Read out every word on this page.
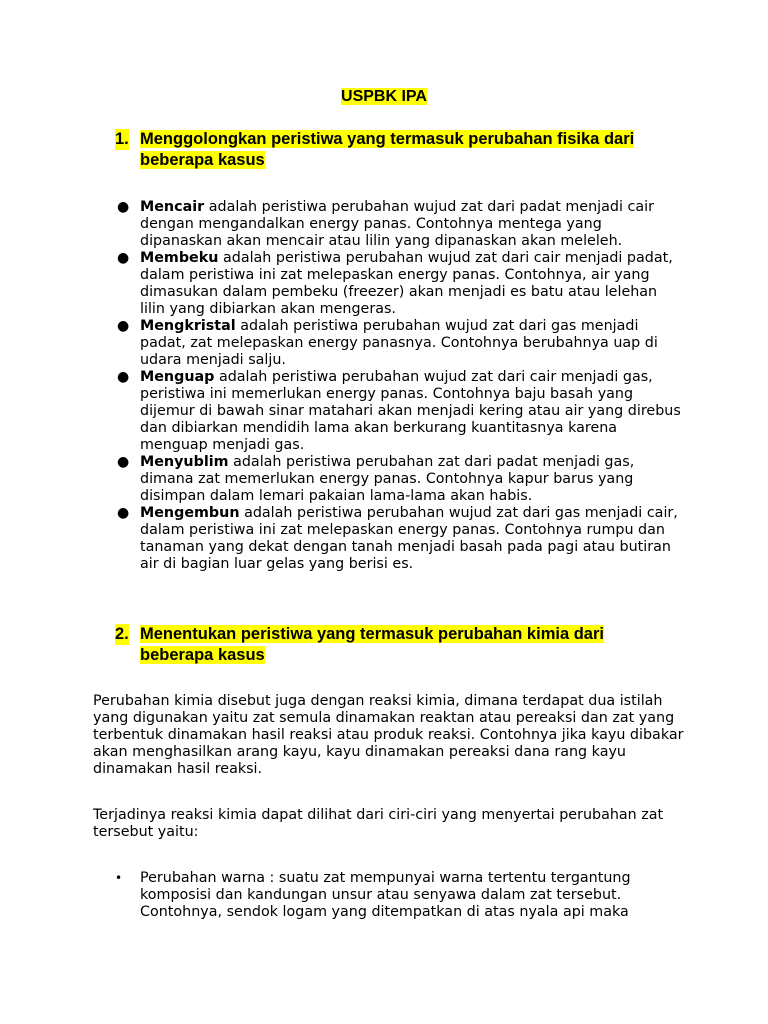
USPBK IPA
1. Menggolongkan peristiwa yang termasuk perubahan fisika dari beberapa kasus
● Mencair adalah peristiwa perubahan wujud zat dari padat menjadi cair dengan mengandalkan energy panas. Contohnya mentega yang dipanaskan akan mencair atau lilin yang dipanaskan akan meleleh.
● Membeku adalah peristiwa perubahan wujud zat dari cair menjadi padat, dalam peristiwa ini zat melepaskan energy panas. Contohnya, air yang dimasukan dalam pembeku (freezer) akan menjadi es batu atau lelehan lilin yang dibiarkan akan mengeras.
● Mengkristal adalah peristiwa perubahan wujud zat dari gas menjadi padat, zat melepaskan energy panasnya. Contohnya berubahnya uap di udara menjadi salju.
● Menguap adalah peristiwa perubahan wujud zat dari cair menjadi gas, peristiwa ini memerlukan energy panas. Contohnya baju basah yang dijemur di bawah sinar matahari akan menjadi kering atau air yang direbus dan dibiarkan mendidih lama akan berkurang kuantitasnya karena menguap menjadi gas.
● Menyublim adalah peristiwa perubahan zat dari padat menjadi gas, dimana zat memerlukan energy panas. Contohnya kapur barus yang disimpan dalam lemari pakaian lama-lama akan habis.
● Mengembun adalah peristiwa perubahan wujud zat dari gas menjadi cair, dalam peristiwa ini zat melepaskan energy panas. Contohnya rumpu dan tanaman yang dekat dengan tanah menjadi basah pada pagi atau butiran air di bagian luar gelas yang berisi es.
2. Menentukan peristiwa yang termasuk perubahan kimia dari beberapa kasus

Perubahan kimia disebut juga dengan reaksi kimia, dimana terdapat dua istilah yang digunakan yaitu zat semula dinamakan reaktan atau pereaksi dan zat yang terbentuk dinamakan hasil reaksi atau produk reaksi. Contohnya jika kayu dibakar akan menghasilkan arang kayu, kayu dinamakan pereaksi dana rang kayu dinamakan hasil reaksi.

Terjadinya reaksi kimia dapat dilihat dari ciri-ciri yang menyertai perubahan zat tersebut yaitu:

• Perubahan warna : suatu zat mempunyai warna tertentu tergantung komposisi dan kandungan unsur atau senyawa dalam zat tersebut. Contohnya, sendok logam yang ditempatkan di atas nyala api maka
